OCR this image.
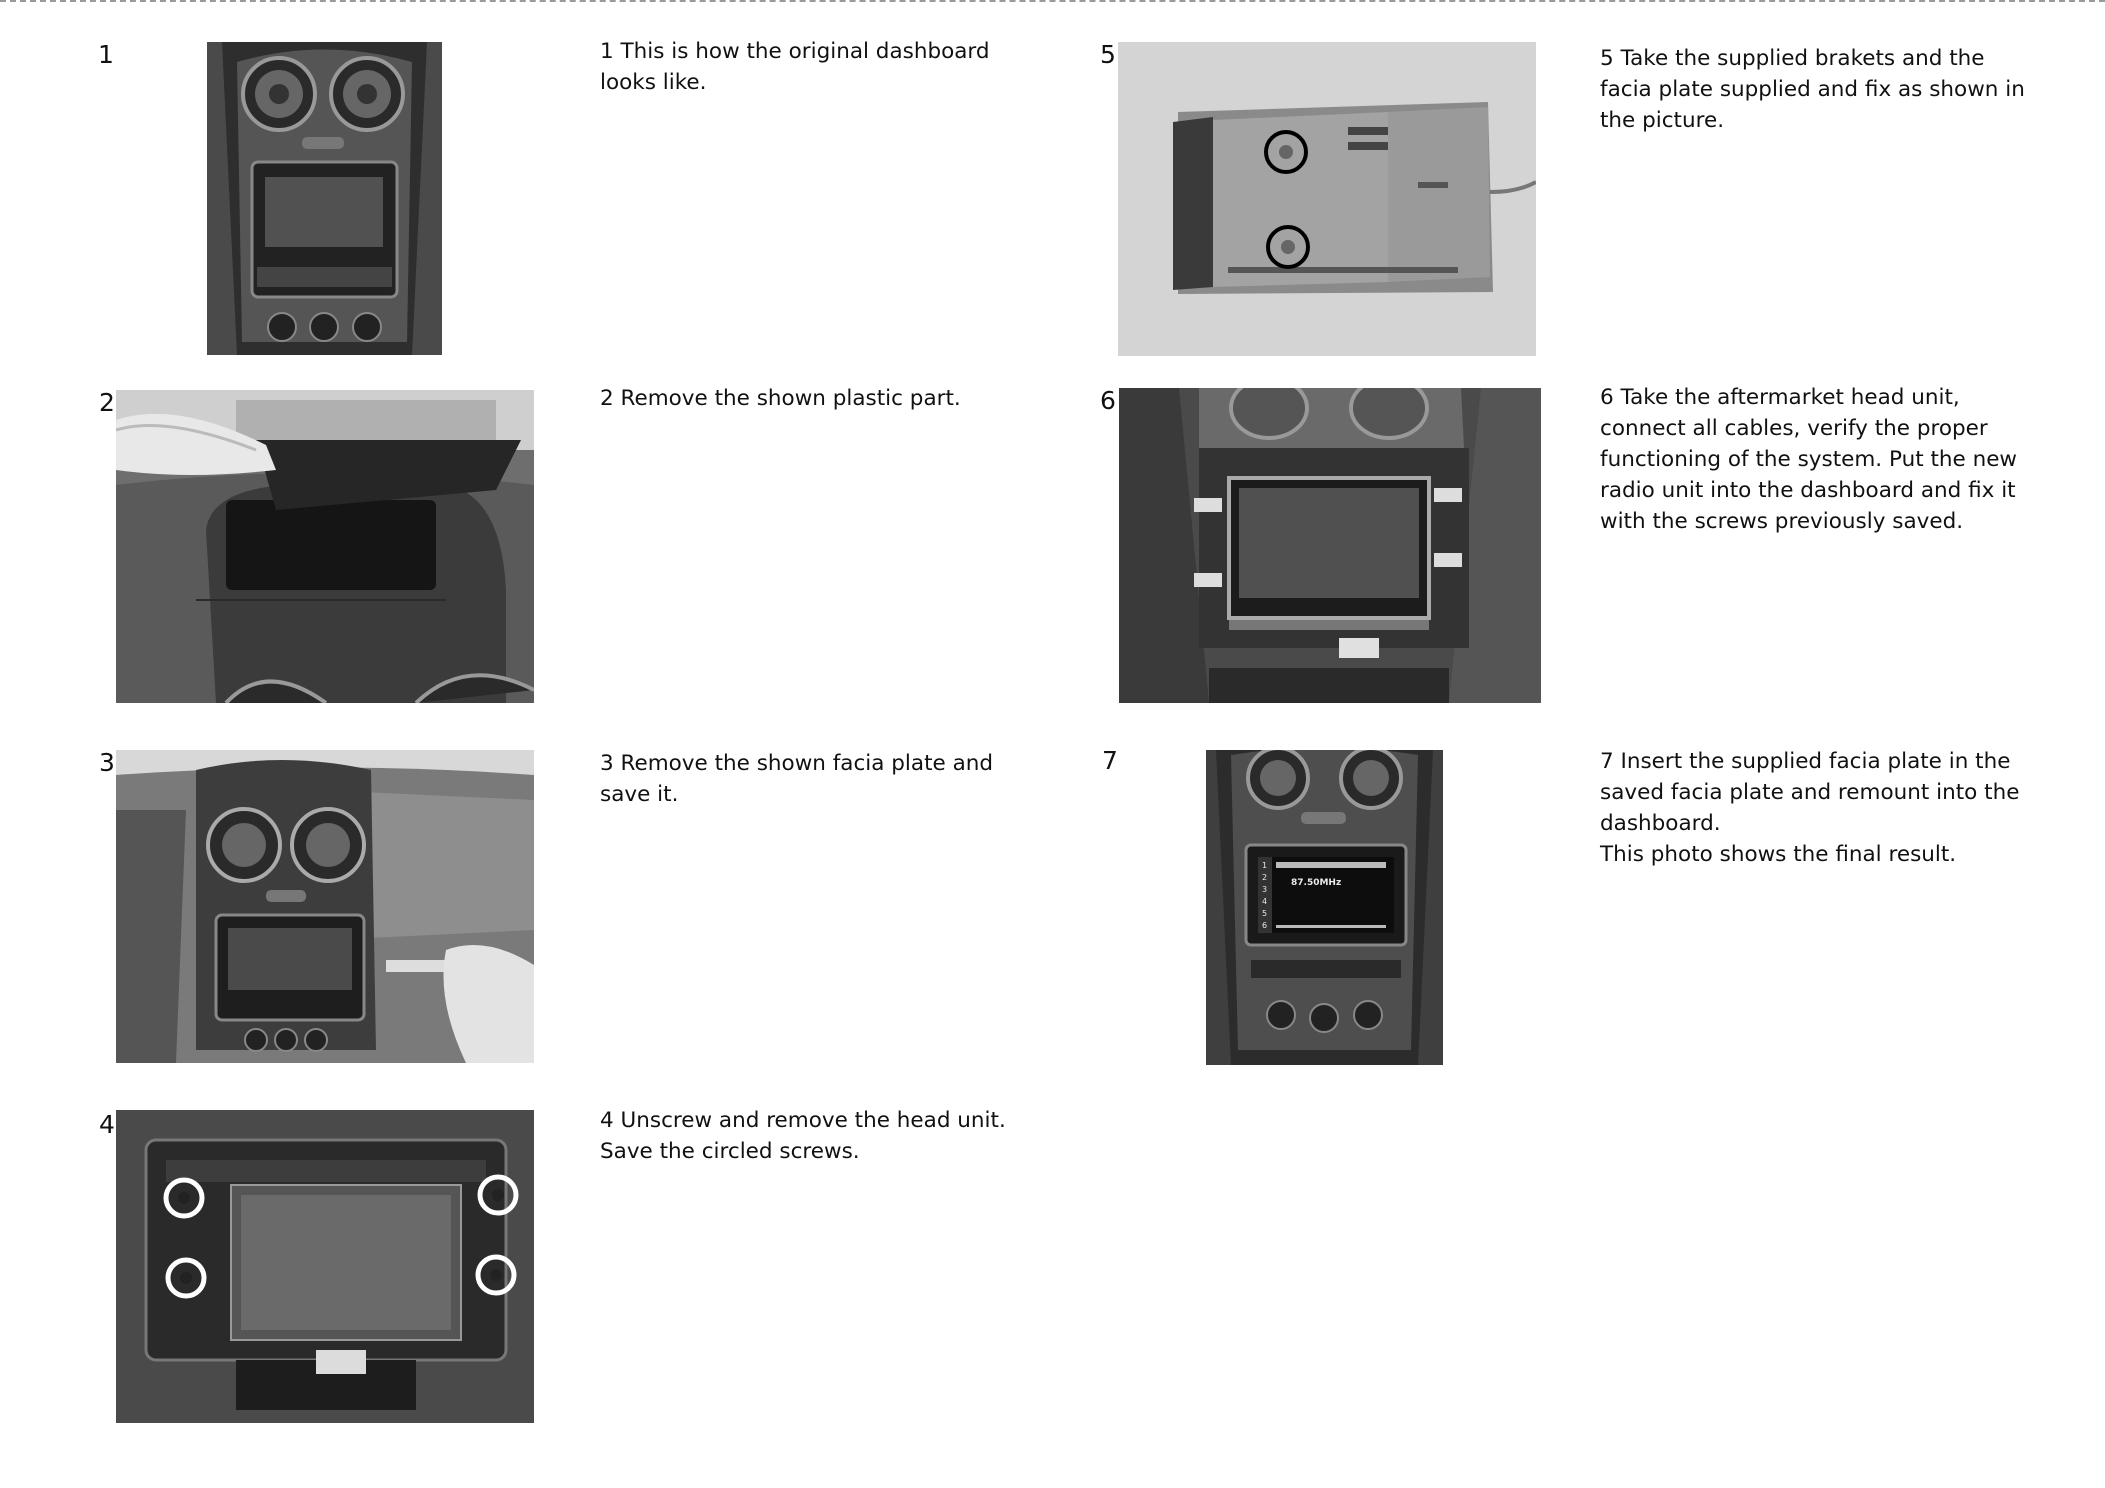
1	1 This is how the original dashboard
looks like.
2	2 Remove the shown plastic part.
3	3 Remove the shown facia plate and
save it.
4	4 Unscrew and remove the head unit.
Save the circled screws.
5	5 Take the supplied brakets and the
facia plate supplied and fix as shown in
the picture.
6	6 Take the aftermarket head unit,
connect all cables, verify the proper
functioning of the system. Put the new
radio unit into the dashboard and fix it
with the screws previously saved.
7
1
2
3
4
5
6
87.50MHz
7 Insert the supplied facia plate in the
saved facia plate and remount into the
dashboard.
This photo shows the final result.
